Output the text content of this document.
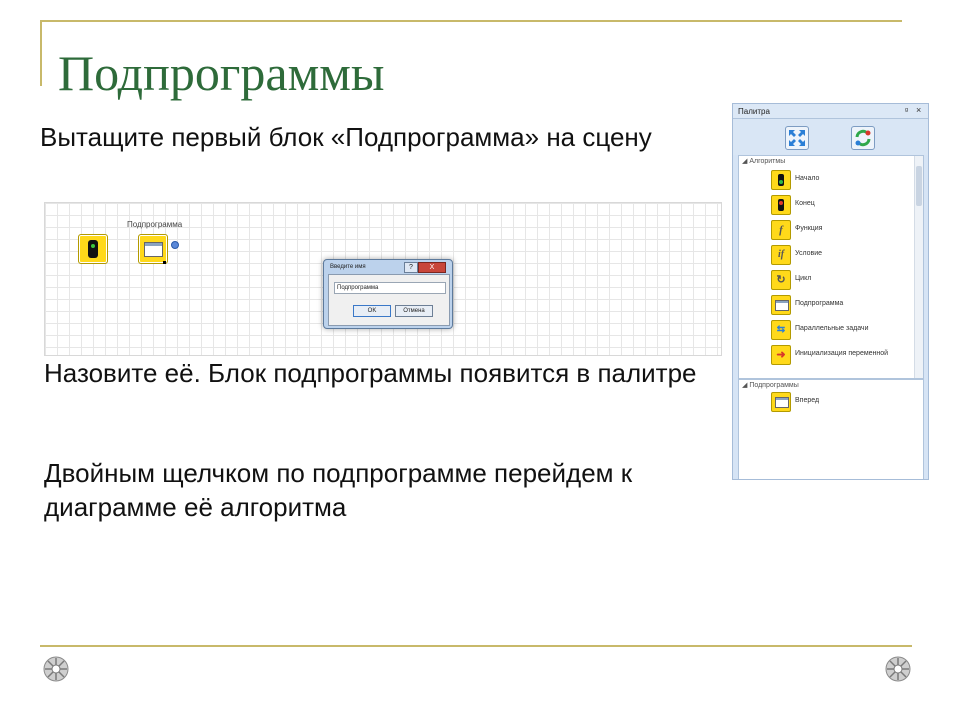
Подпрограммы
Вытащите первый блок «Подпрограмма» на сцену
Подпрограмма
Введите имя	?	X
Подпрограмма
OK	Отмена
Назовите её. Блок подпрограммы появится в палитре
Двойным щелчком по подпрограмме перейдем к диаграмме её алгоритма
Палитра	ᵍ ×
◢ Алгоритмы
Начало
Конец
f	Функция
if	Условие
↻	Цикл
Подпрограмма
⇆	Параллельные задачи
➜	Инициализация переменной
◢ Подпрограммы
Вперед
